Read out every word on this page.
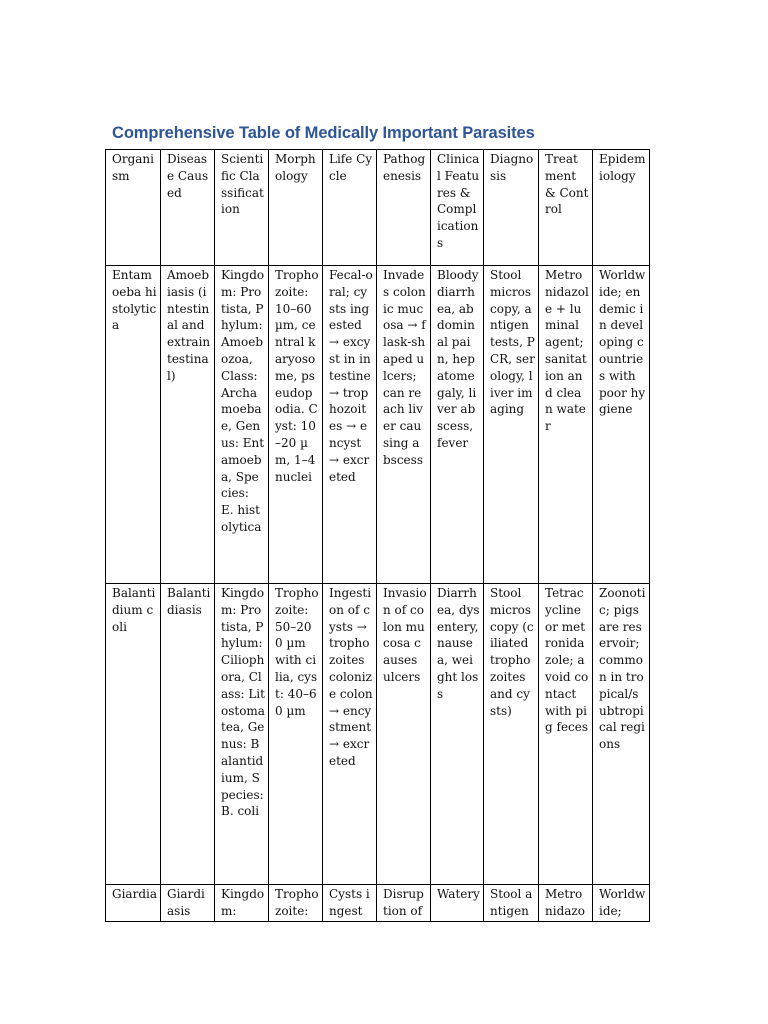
Comprehensive Table of Medically Important Parasites
Organism	Disease Caused	Scientific Classification	Morphology	Life Cycle	Pathogenesis	Clinical Features & Complications	Diagnosis	Treatment & Control	Epidemiology
Entamoeba histolytica	Amoebiasis (intestinal and extraintestinal)	Kingdom: Protista, Phylum: Amoebozoa, Class: Archamoebae, Genus: Entamoeba, Species: E. histolytica	Trophozoite: 10–60 µm, central karyosome, pseudopodia. Cyst: 10–20 µm, 1–4 nuclei	Fecal-oral; cysts ingested → excyst in intestine → trophozoites → encyst → excreted	Invades colonic mucosa → flask-shaped ulcers; can reach liver causing abscess	Bloody diarrhea, abdominal pain, hepatomegaly, liver abscess, fever	Stool microscopy, antigen tests, PCR, serology, liver imaging	Metronidazole + luminal agent; sanitation and clean water	Worldwide; endemic in developing countries with poor hygiene
Balantidium coli	Balantidiasis	Kingdom: Protista, Phylum: Ciliophora, Class: Litostomatea, Genus: Balantidium, Species: B. coli	Trophozoite: 50–200 µm with cilia, cyst: 40–60 µm	Ingestion of cysts → trophozoites colonize colon → encystment → excreted	Invasion of colon mucosa causes ulcers	Diarrhea, dysentery, nausea, weight loss	Stool microscopy (ciliated trophozoites and cysts)	Tetracycline or metronidazole; avoid contact with pig feces	Zoonotic; pigs are reservoir; common in tropical/subtropical regions
Giardia	Giardiasis	Kingdom:	Trophozoite:	Cysts ingest	Disruption of	Watery	Stool antigen	Metronidazo	Worldwide;
